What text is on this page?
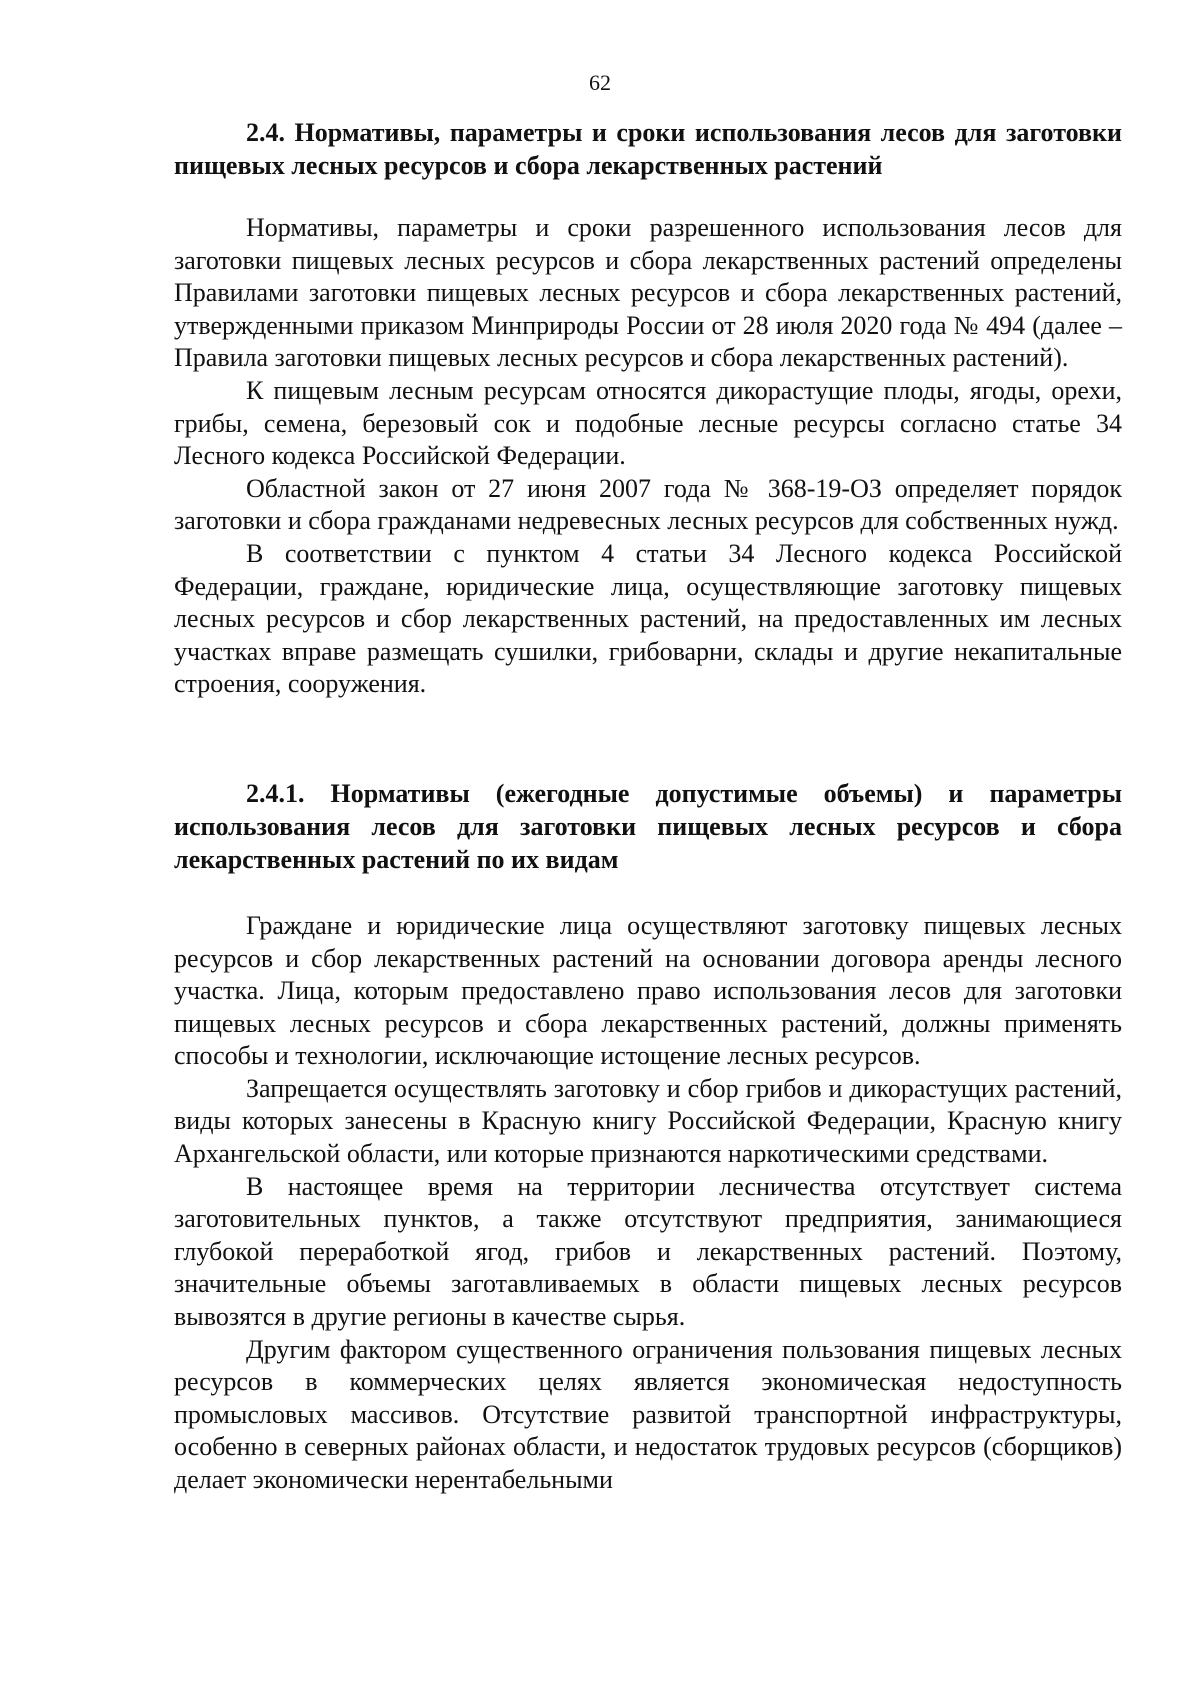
62

2.4. Нормативы, параметры и сроки использования лесов для заготовки пищевых лесных ресурсов и сбора лекарственных растений

Нормативы, параметры и сроки разрешенного использования лесов для заготовки пищевых лесных ресурсов и сбора лекарственных растений определены Правилами заготовки пищевых лесных ресурсов и сбора лекарственных растений, утвержденными приказом Минприроды России от 28 июля 2020 года № 494 (далее – Правила заготовки пищевых лесных ресурсов и сбора лекарственных растений).

К пищевым лесным ресурсам относятся дикорастущие плоды, ягоды, орехи, грибы, семена, березовый сок и подобные лесные ресурсы согласно статье 34 Лесного кодекса Российской Федерации.

Областной закон от 27 июня 2007 года № 368-19-ОЗ определяет порядок заготовки и сбора гражданами недревесных лесных ресурсов для собственных нужд.

В соответствии с пунктом 4 статьи 34 Лесного кодекса Российской Федерации, граждане, юридические лица, осуществляющие заготовку пищевых лесных ресурсов и сбор лекарственных растений, на предоставленных им лесных участках вправе размещать сушилки, грибоварни, склады и другие некапитальные строения, сооружения.

2.4.1. Нормативы (ежегодные допустимые объемы) и параметры использования лесов для заготовки пищевых лесных ресурсов и сбора лекарственных растений по их видам

Граждане и юридические лица осуществляют заготовку пищевых лесных ресурсов и сбор лекарственных растений на основании договора аренды лесного участка. Лица, которым предоставлено право использования лесов для заготовки пищевых лесных ресурсов и сбора лекарственных растений, должны применять способы и технологии, исключающие истощение лесных ресурсов.

Запрещается осуществлять заготовку и сбор грибов и дикорастущих растений, виды которых занесены в Красную книгу Российской Федерации, Красную книгу Архангельской области, или которые признаются наркотическими средствами.

В настоящее время на территории лесничества отсутствует система заготовительных пунктов, а также отсутствуют предприятия, занимающиеся глубокой переработкой ягод, грибов и лекарственных растений. Поэтому, значительные объемы заготавливаемых в области пищевых лесных ресурсов вывозятся в другие регионы в качестве сырья.

Другим фактором существенного ограничения пользования пищевых лесных ресурсов в коммерческих целях является экономическая недоступность промысловых массивов. Отсутствие развитой транспортной инфраструктуры, особенно в северных районах области, и недостаток трудовых ресурсов (сборщиков) делает экономически нерентабельными
